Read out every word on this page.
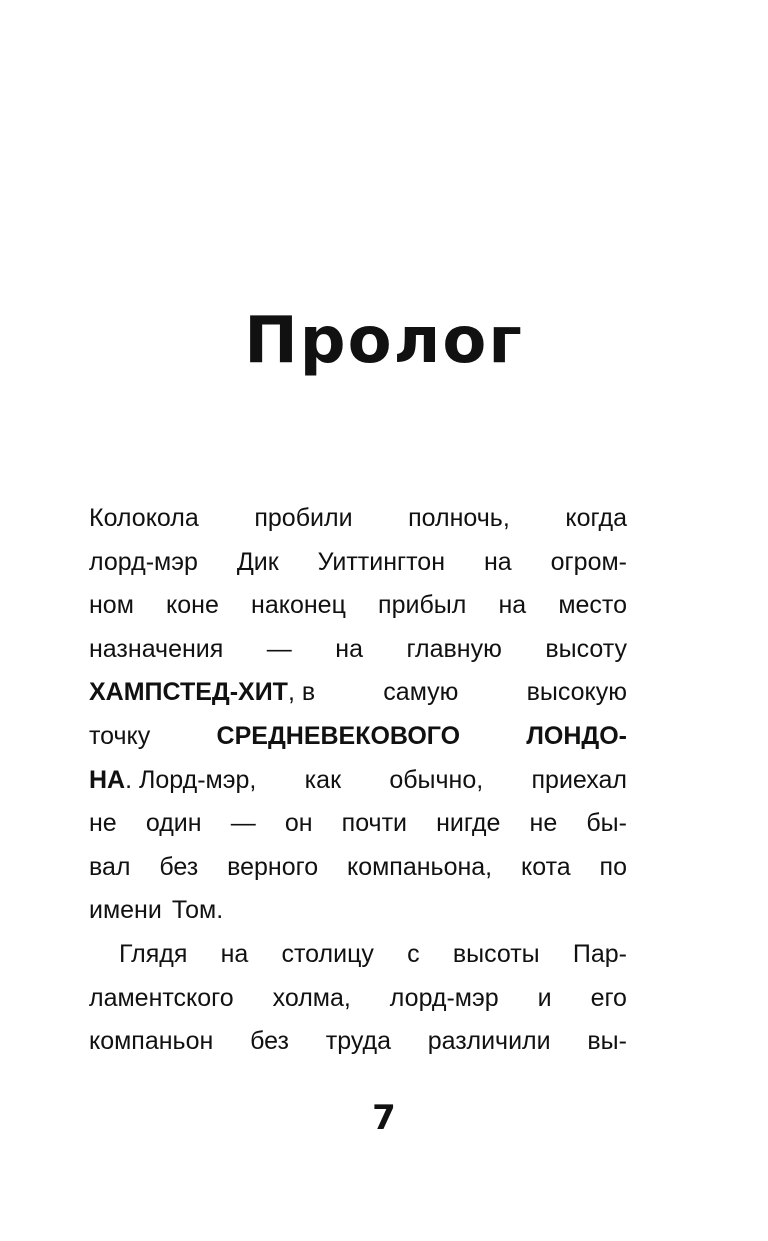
Пролог
Колокола пробили полночь, когда
лорд-мэр Дик Уиттингтон на огром-
ном коне наконец прибыл на место
назначения — на главную высоту
ХАМПСТЕД-ХИТ, в	самую	высокую
точку	СРЕДНЕВЕКОВОГО	ЛОНДО-
НА. Лорд-мэр, как обычно, приехал
не один — он почти нигде не бы-
вал без верного компаньона, кота по
имени Том.
Глядя на столицу с высоты Пар-
ламентского холма, лорд-мэр и его
компаньон без труда различили вы-
7
